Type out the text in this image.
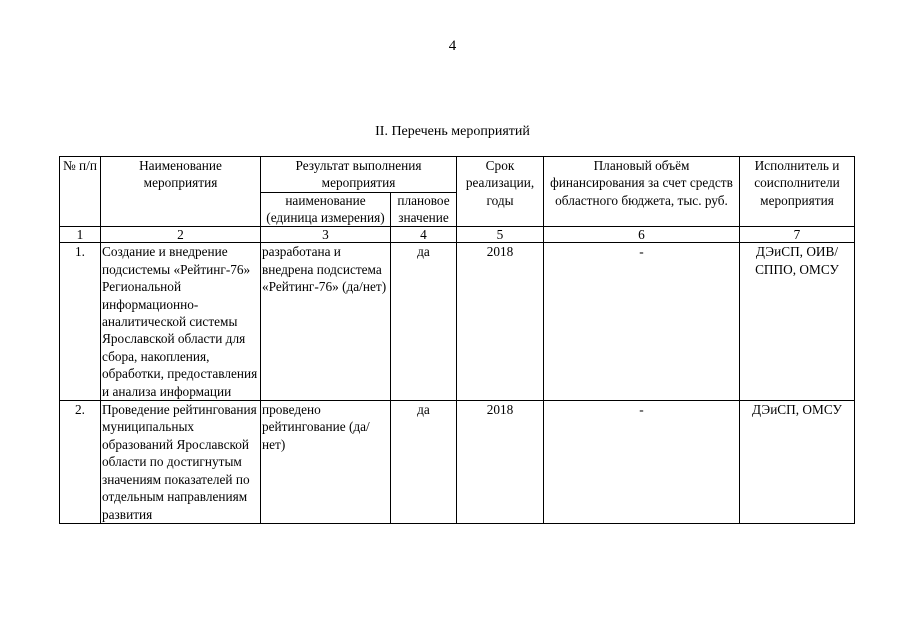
4
II. Перечень мероприятий
№ п/п	Наименование мероприятия	Результат выполнения мероприятия		Срок реализации, годы	Плановый объём финансирования за счет средств областного бюджета, тыс. руб.	Исполнитель и соисполнители мероприятия
		наименование (единица измерения)	плановое значение			
1	2	3	4	5	6	7
1.	Создание и внедрение подсистемы «Рейтинг-76» Региональной информационно-аналитической системы Ярославской области для сбора, накопления, обработки, предоставления и анализа информации	разработана и внедрена подсистема «Рейтинг-76» (да/нет)	да	2018	-	ДЭиСП, ОИВ/СППО, ОМСУ
2.	Проведение рейтингования муниципальных образований Ярославской области по достигнутым значениям показателей по отдельным направлениям развития	проведено рейтингование (да/нет)	да	2018	-	ДЭиСП, ОМСУ
